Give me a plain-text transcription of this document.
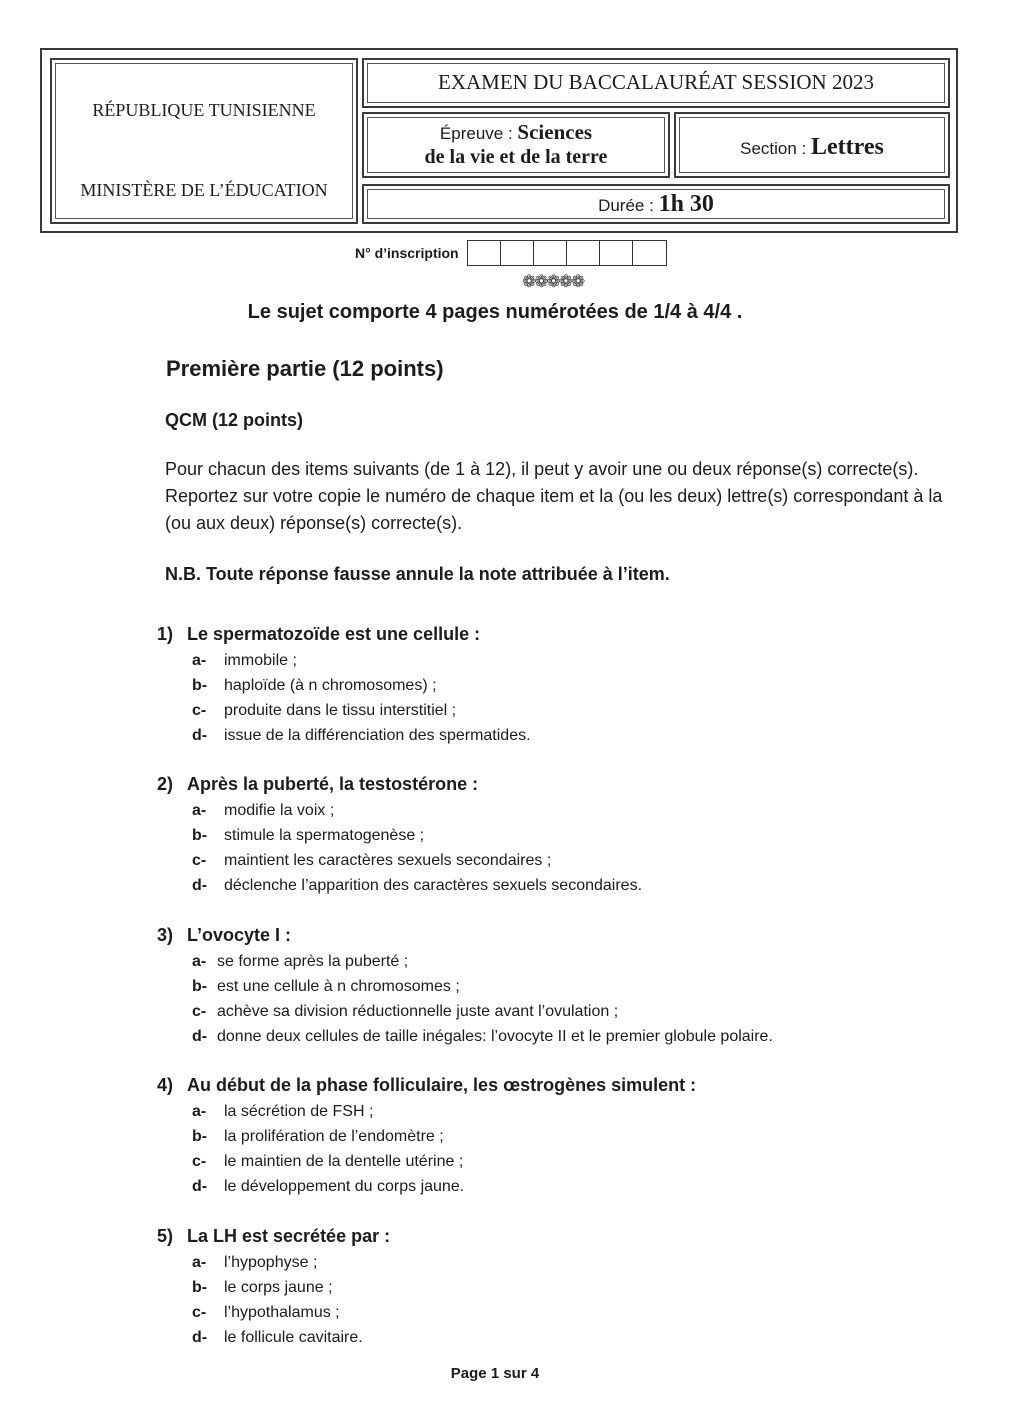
RÉPUBLIQUE TUNISIENNE
MINISTÈRE DE L’ÉDUCATION
EXAMEN DU BACCALAURÉAT SESSION 2023
Épreuve : Sciences
de la vie et de la terre	Section : Lettres
Durée : 1h 30
N° d’inscription
❁❁❁❁❁
Le sujet comporte 4 pages numérotées de 1/4 à 4/4 .
Première partie (12 points)
QCM (12 points)
Pour chacun des items suivants (de 1 à 12), il peut y avoir une ou deux réponse(s) correcte(s). Reportez sur votre copie le numéro de chaque item et la (ou les deux) lettre(s) correspondant à la (ou aux deux) réponse(s) correcte(s).
N.B. Toute réponse fausse annule la note attribuée à l’item.
1) Le spermatozoïde est une cellule :
a- immobile ;
b- haploïde (à n chromosomes) ;
c- produite dans le tissu interstitiel ;
d- issue de la différenciation des spermatides.
2) Après la puberté, la testostérone :
a- modifie la voix ;
b- stimule la spermatogenèse ;
c- maintient les caractères sexuels secondaires ;
d- déclenche l’apparition des caractères sexuels secondaires.
3) L’ovocyte I :
a- se forme après la puberté ;
b- est une cellule à n chromosomes ;
c- achève sa division réductionnelle juste avant l’ovulation ;
d- donne deux cellules de taille inégales: l’ovocyte II et le premier globule polaire.
4) Au début de la phase folliculaire, les œstrogènes simulent :
a- la sécrétion de FSH ;
b- la prolifération de l’endomètre ;
c- le maintien de la dentelle utérine ;
d- le développement du corps jaune.
5) La LH est secrétée par :
a- l’hypophyse ;
b- le corps jaune ;
c- l’hypothalamus ;
d- le follicule cavitaire.
Page 1 sur 4
